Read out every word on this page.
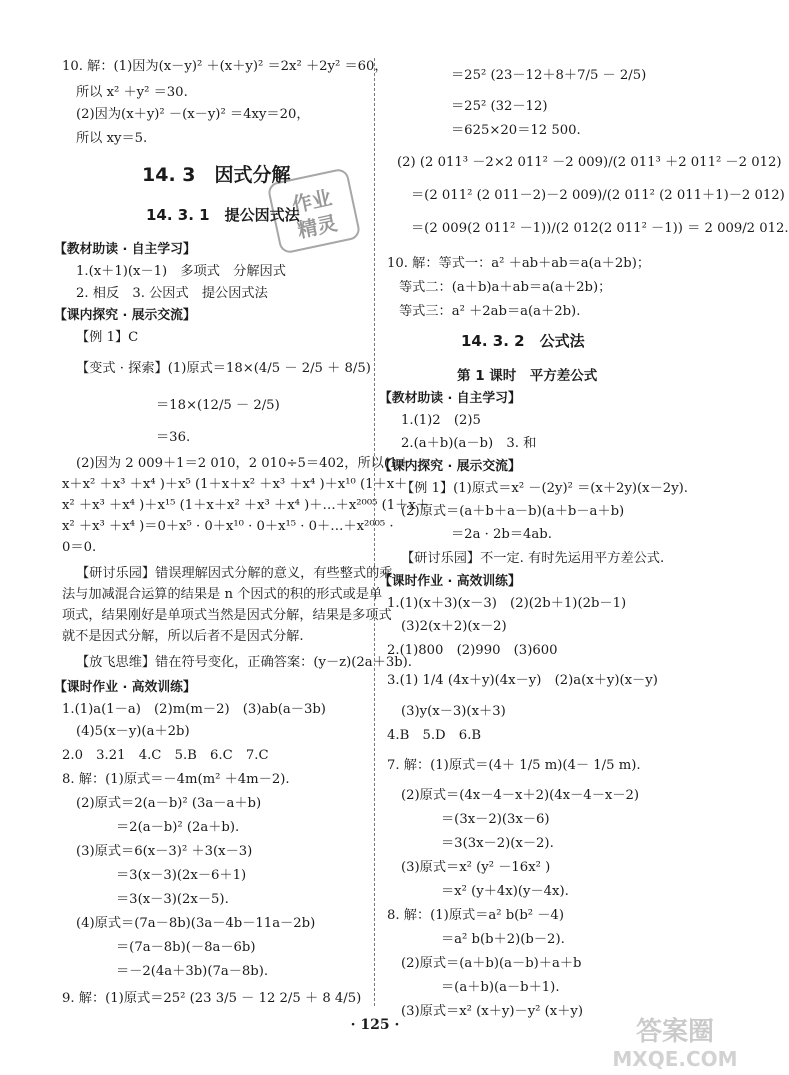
10. 解：(1)因为(x－y)² ＋(x＋y)² ＝2x² ＋2y² ＝60，
所以 x² ＋y² ＝30.
(2)因为(x＋y)² －(x－y)² ＝4xy＝20，
所以 xy＝5.
14. 3　因式分解
14. 3. 1　提公因式法
【教材助读 · 自主学习】
1.(x＋1)(x－1)　多项式　分解因式
2. 相反　3. 公因式　提公因式法
【课内探究 · 展示交流】
【例 1】C
【变式 · 探索】(1)原式＝18×(4/5 － 2/5 ＋ 8/5)
＝18×(12/5 － 2/5)
＝36.
(2)因为 2 009＋1＝2 010，2 010÷5＝402，所以(1＋
x＋x² ＋x³ ＋x⁴ )＋x⁵ (1＋x＋x² ＋x³ ＋x⁴ )＋x¹⁰ (1＋x＋
x² ＋x³ ＋x⁴ )＋x¹⁵ (1＋x＋x² ＋x³ ＋x⁴ )＋…＋x²⁰⁰⁵ (1＋x＋
x² ＋x³ ＋x⁴ )＝0＋x⁵ · 0＋x¹⁰ · 0＋x¹⁵ · 0＋…＋x²⁰⁰⁵ ·
0＝0.
【研讨乐园】错误理解因式分解的意义，有些整式的乘
法与加减混合运算的结果是 n 个因式的积的形式或是单
项式，结果刚好是单项式当然是因式分解，结果是多项式
就不是因式分解，所以后者不是因式分解.
【放飞思维】错在符号变化，正确答案：(y－z)(2a＋3b).
【课时作业 · 高效训练】
1.(1)a(1－a)　(2)m(m－2)　(3)ab(a－3b)
(4)5(x－y)(a＋2b)
2.0　3.21　4.C　5.B　6.C　7.C
8. 解：(1)原式＝－4m(m² ＋4m－2).
(2)原式＝2(a－b)² (3a－a＋b)
＝2(a－b)² (2a＋b).
(3)原式＝6(x－3)² ＋3(x－3)
＝3(x－3)(2x－6＋1)
＝3(x－3)(2x－5).
(4)原式＝(7a－8b)(3a－4b－11a－2b)
＝(7a－8b)(－8a－6b)
＝－2(4a＋3b)(7a－8b).
9. 解：(1)原式＝25² (23 3/5 － 12 2/5 ＋ 8 4/5)
作业
精灵
＝25² (23－12＋8＋7/5 － 2/5)
＝25² (32－12)
＝625×20＝12 500.
(2) (2 011³ －2×2 011² －2 009)/(2 011³ ＋2 011² －2 012)
＝(2 011² (2 011－2)－2 009)/(2 011² (2 011＋1)－2 012)
＝(2 009(2 011² －1))/(2 012(2 011² －1)) ＝ 2 009/2 012.
10. 解：等式一：a² ＋ab＋ab＝a(a＋2b)；
等式二：(a＋b)a＋ab＝a(a＋2b)；
等式三：a² ＋2ab＝a(a＋2b).
14. 3. 2　公式法
第 1 课时　平方差公式
【教材助读 · 自主学习】
1.(1)2　(2)5
2.(a＋b)(a－b)　3. 和
【课内探究 · 展示交流】
【例 1】(1)原式＝x² －(2y)² ＝(x＋2y)(x－2y).
(2)原式＝(a＋b＋a－b)(a＋b－a＋b)
＝2a · 2b＝4ab.
【研讨乐园】不一定. 有时先运用平方差公式.
【课时作业 · 高效训练】
1.(1)(x＋3)(x－3)　(2)(2b＋1)(2b－1)
(3)2(x＋2)(x－2)
2.(1)800　(2)990　(3)600
3.(1) 1/4 (4x＋y)(4x－y)　(2)a(x＋y)(x－y)
(3)y(x－3)(x＋3)
4.B　5.D　6.B
7. 解：(1)原式＝(4＋ 1/5 m)(4－ 1/5 m).
(2)原式＝(4x－4－x＋2)(4x－4－x－2)
＝(3x－2)(3x－6)
＝3(3x－2)(x－2).
(3)原式＝x² (y² －16x² )
＝x² (y＋4x)(y－4x).
8. 解：(1)原式＝a² b(b² －4)
＝a² b(b＋2)(b－2).
(2)原式＝(a＋b)(a－b)＋a＋b
＝(a＋b)(a－b＋1).
(3)原式＝x² (x＋y)－y² (x＋y)
· 125 ·	答案圈
MXQE.COM
